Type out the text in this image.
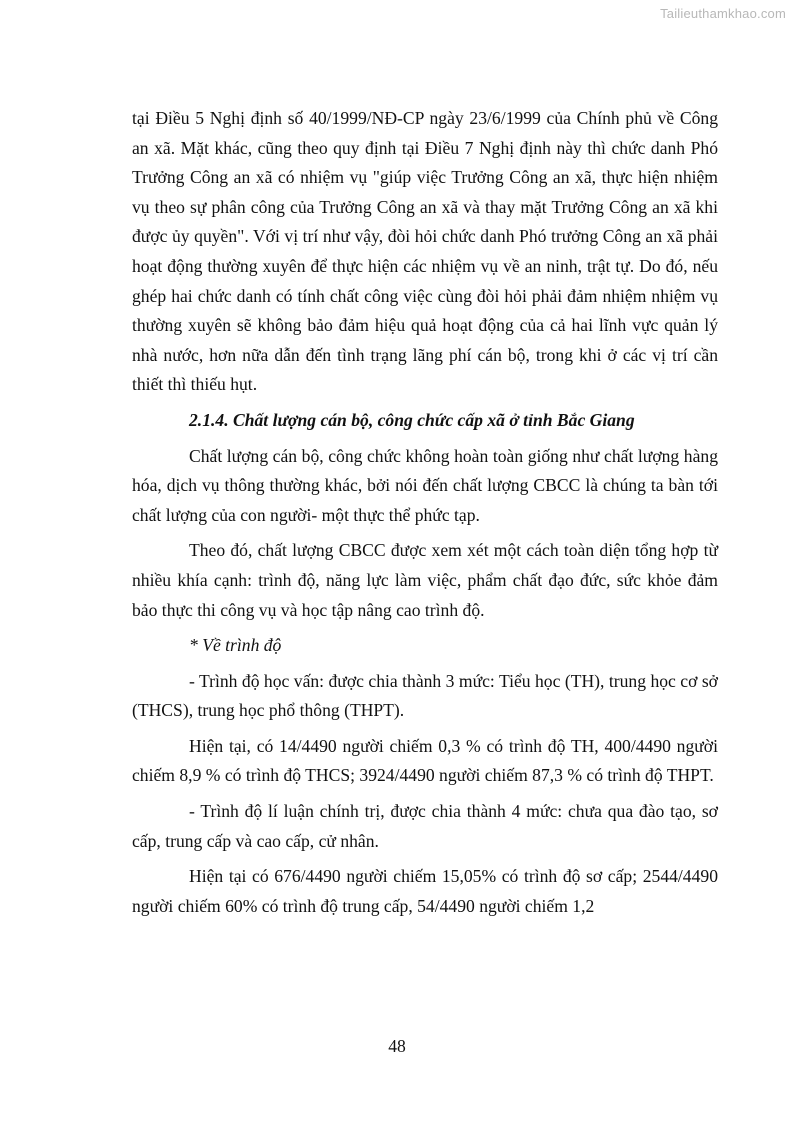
Tailieuthamkhao.com

tại Điều 5 Nghị định số 40/1999/NĐ-CP ngày 23/6/1999 của Chính phủ về Công an xã. Mặt khác, cũng theo quy định tại Điều 7 Nghị định này thì chức danh Phó Trưởng Công an xã có nhiệm vụ "giúp việc Trưởng Công an xã, thực hiện nhiệm vụ theo sự phân công của Trưởng Công an xã và thay mặt Trưởng Công an xã khi được ủy quyền". Với vị trí như vậy, đòi hỏi chức danh Phó trưởng Công an xã phải hoạt động thường xuyên để thực hiện các nhiệm vụ về an ninh, trật tự. Do đó, nếu ghép hai chức danh có tính chất công việc cùng đòi hỏi phải đảm nhiệm nhiệm vụ thường xuyên sẽ không bảo đảm hiệu quả hoạt động của cả hai lĩnh vực quản lý nhà nước, hơn nữa dẫn đến tình trạng lãng phí cán bộ, trong khi ở các vị trí cần thiết thì thiếu hụt.

2.1.4. Chất lượng cán bộ, công chức cấp xã ở tỉnh Bắc Giang

Chất lượng cán bộ, công chức không hoàn toàn giống như chất lượng hàng hóa, dịch vụ thông thường khác, bởi nói đến chất lượng CBCC là chúng ta bàn tới chất lượng của con người- một thực thể phức tạp.

Theo đó, chất lượng CBCC được xem xét một cách toàn diện tổng hợp từ nhiều khía cạnh: trình độ, năng lực làm việc, phẩm chất đạo đức, sức khỏe đảm bảo thực thi công vụ và học tập nâng cao trình độ.

* Về trình độ

- Trình độ học vấn: được chia thành 3 mức: Tiểu học (TH), trung học cơ sở (THCS), trung học phổ thông (THPT).

Hiện tại, có 14/4490 người chiếm 0,3 % có trình độ TH, 400/4490 người chiếm 8,9 % có trình độ THCS; 3924/4490 người chiếm 87,3 % có trình độ THPT.

- Trình độ lí luận chính trị, được chia thành 4 mức: chưa qua đào tạo, sơ cấp, trung cấp và cao cấp, cử nhân.

Hiện tại có 676/4490 người chiếm 15,05% có trình độ sơ cấp; 2544/4490 người chiếm 60% có trình độ trung cấp, 54/4490 người chiếm 1,2

48
